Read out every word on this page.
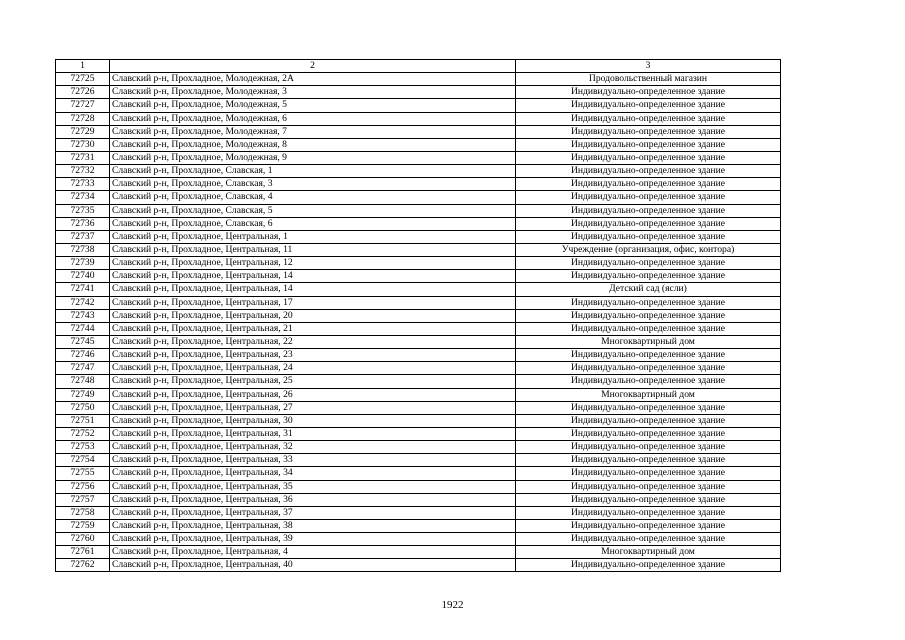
1	2	3
72725	Славский р-н, Прохладное, Молодежная, 2А	Продовольственный магазин
72726	Славский р-н, Прохладное, Молодежная, 3	Индивидуально-определенное здание
72727	Славский р-н, Прохладное, Молодежная, 5	Индивидуально-определенное здание
72728	Славский р-н, Прохладное, Молодежная, 6	Индивидуально-определенное здание
72729	Славский р-н, Прохладное, Молодежная, 7	Индивидуально-определенное здание
72730	Славский р-н, Прохладное, Молодежная, 8	Индивидуально-определенное здание
72731	Славский р-н, Прохладное, Молодежная, 9	Индивидуально-определенное здание
72732	Славский р-н, Прохладное, Славская, 1	Индивидуально-определенное здание
72733	Славский р-н, Прохладное, Славская, 3	Индивидуально-определенное здание
72734	Славский р-н, Прохладное, Славская, 4	Индивидуально-определенное здание
72735	Славский р-н, Прохладное, Славская, 5	Индивидуально-определенное здание
72736	Славский р-н, Прохладное, Славская, 6	Индивидуально-определенное здание
72737	Славский р-н, Прохладное, Центральная, 1	Индивидуально-определенное здание
72738	Славский р-н, Прохладное, Центральная, 11	Учреждение (организация, офис, контора)
72739	Славский р-н, Прохладное, Центральная, 12	Индивидуально-определенное здание
72740	Славский р-н, Прохладное, Центральная, 14	Индивидуально-определенное здание
72741	Славский р-н, Прохладное, Центральная, 14	Детский сад (ясли)
72742	Славский р-н, Прохладное, Центральная, 17	Индивидуально-определенное здание
72743	Славский р-н, Прохладное, Центральная, 20	Индивидуально-определенное здание
72744	Славский р-н, Прохладное, Центральная, 21	Индивидуально-определенное здание
72745	Славский р-н, Прохладное, Центральная, 22	Многоквартирный дом
72746	Славский р-н, Прохладное, Центральная, 23	Индивидуально-определенное здание
72747	Славский р-н, Прохладное, Центральная, 24	Индивидуально-определенное здание
72748	Славский р-н, Прохладное, Центральная, 25	Индивидуально-определенное здание
72749	Славский р-н, Прохладное, Центральная, 26	Многоквартирный дом
72750	Славский р-н, Прохладное, Центральная, 27	Индивидуально-определенное здание
72751	Славский р-н, Прохладное, Центральная, 30	Индивидуально-определенное здание
72752	Славский р-н, Прохладное, Центральная, 31	Индивидуально-определенное здание
72753	Славский р-н, Прохладное, Центральная, 32	Индивидуально-определенное здание
72754	Славский р-н, Прохладное, Центральная, 33	Индивидуально-определенное здание
72755	Славский р-н, Прохладное, Центральная, 34	Индивидуально-определенное здание
72756	Славский р-н, Прохладное, Центральная, 35	Индивидуально-определенное здание
72757	Славский р-н, Прохладное, Центральная, 36	Индивидуально-определенное здание
72758	Славский р-н, Прохладное, Центральная, 37	Индивидуально-определенное здание
72759	Славский р-н, Прохладное, Центральная, 38	Индивидуально-определенное здание
72760	Славский р-н, Прохладное, Центральная, 39	Индивидуально-определенное здание
72761	Славский р-н, Прохладное, Центральная, 4	Многоквартирный дом
72762	Славский р-н, Прохладное, Центральная, 40	Индивидуально-определенное здание
1922
